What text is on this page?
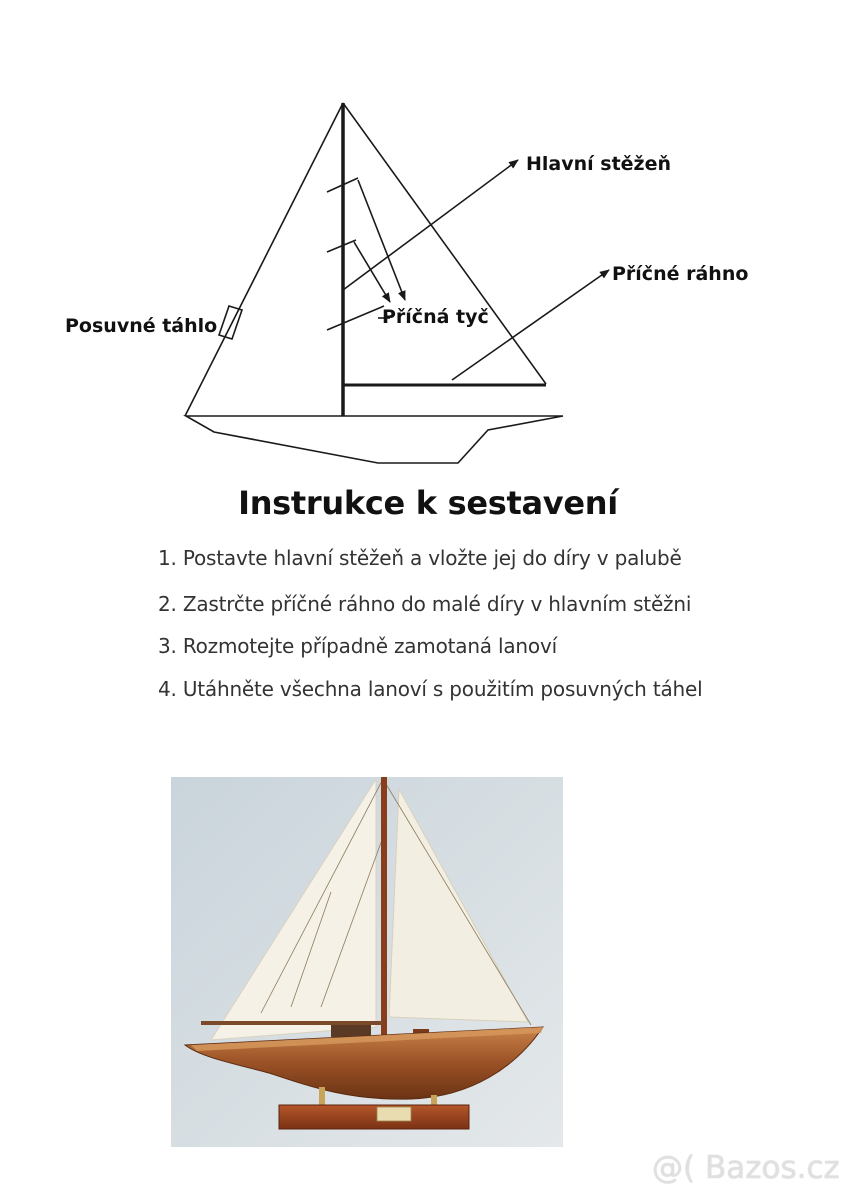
Hlavní stěžeň
Příčné ráhno
Příčná tyč
Posuvné táhlo
Instrukce k sestavení
1. Postavte hlavní stěžeň a vložte jej do díry v palubě
2. Zastrčte příčné ráhno do malé díry v hlavním stěžni
3. Rozmotejte případně zamotaná lanoví
4. Utáhněte všechna lanoví s použitím posuvných táhel
@( Bazos.cz
